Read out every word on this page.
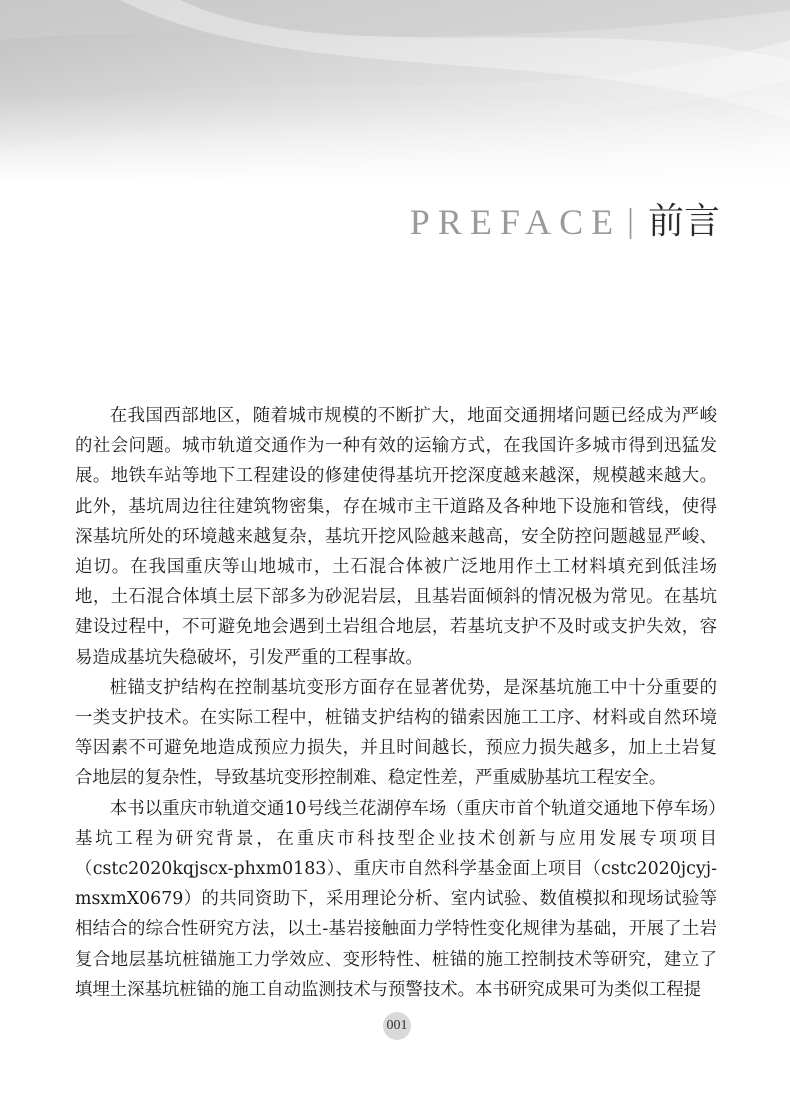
PREFACE | 前言

在我国西部地区，随着城市规模的不断扩大，地面交通拥堵问题已经成为严峻的社会问题。城市轨道交通作为一种有效的运输方式，在我国许多城市得到迅猛发展。地铁车站等地下工程建设的修建使得基坑开挖深度越来越深，规模越来越大。此外，基坑周边往往建筑物密集，存在城市主干道路及各种地下设施和管线，使得深基坑所处的环境越来越复杂，基坑开挖风险越来越高，安全防控问题越显严峻、迫切。在我国重庆等山地城市，土石混合体被广泛地用作土工材料填充到低洼场地，土石混合体填土层下部多为砂泥岩层，且基岩面倾斜的情况极为常见。在基坑建设过程中，不可避免地会遇到土岩组合地层，若基坑支护不及时或支护失效，容易造成基坑失稳破坏，引发严重的工程事故。

桩锚支护结构在控制基坑变形方面存在显著优势，是深基坑施工中十分重要的一类支护技术。在实际工程中，桩锚支护结构的锚索因施工工序、材料或自然环境等因素不可避免地造成预应力损失，并且时间越长，预应力损失越多，加上土岩复合地层的复杂性，导致基坑变形控制难、稳定性差，严重威胁基坑工程安全。

本书以重庆市轨道交通10号线兰花湖停车场（重庆市首个轨道交通地下停车场）基坑工程为研究背景，在重庆市科技型企业技术创新与应用发展专项项目（cstc2020kqjscx-phxm0183）、重庆市自然科学基金面上项目（cstc2020jcyj-msxmX0679）的共同资助下，采用理论分析、室内试验、数值模拟和现场试验等相结合的综合性研究方法，以土-基岩接触面力学特性变化规律为基础，开展了土岩复合地层基坑桩锚施工力学效应、变形特性、桩锚的施工控制技术等研究，建立了填埋土深基坑桩锚的施工自动监测技术与预警技术。本书研究成果可为类似工程提

001
